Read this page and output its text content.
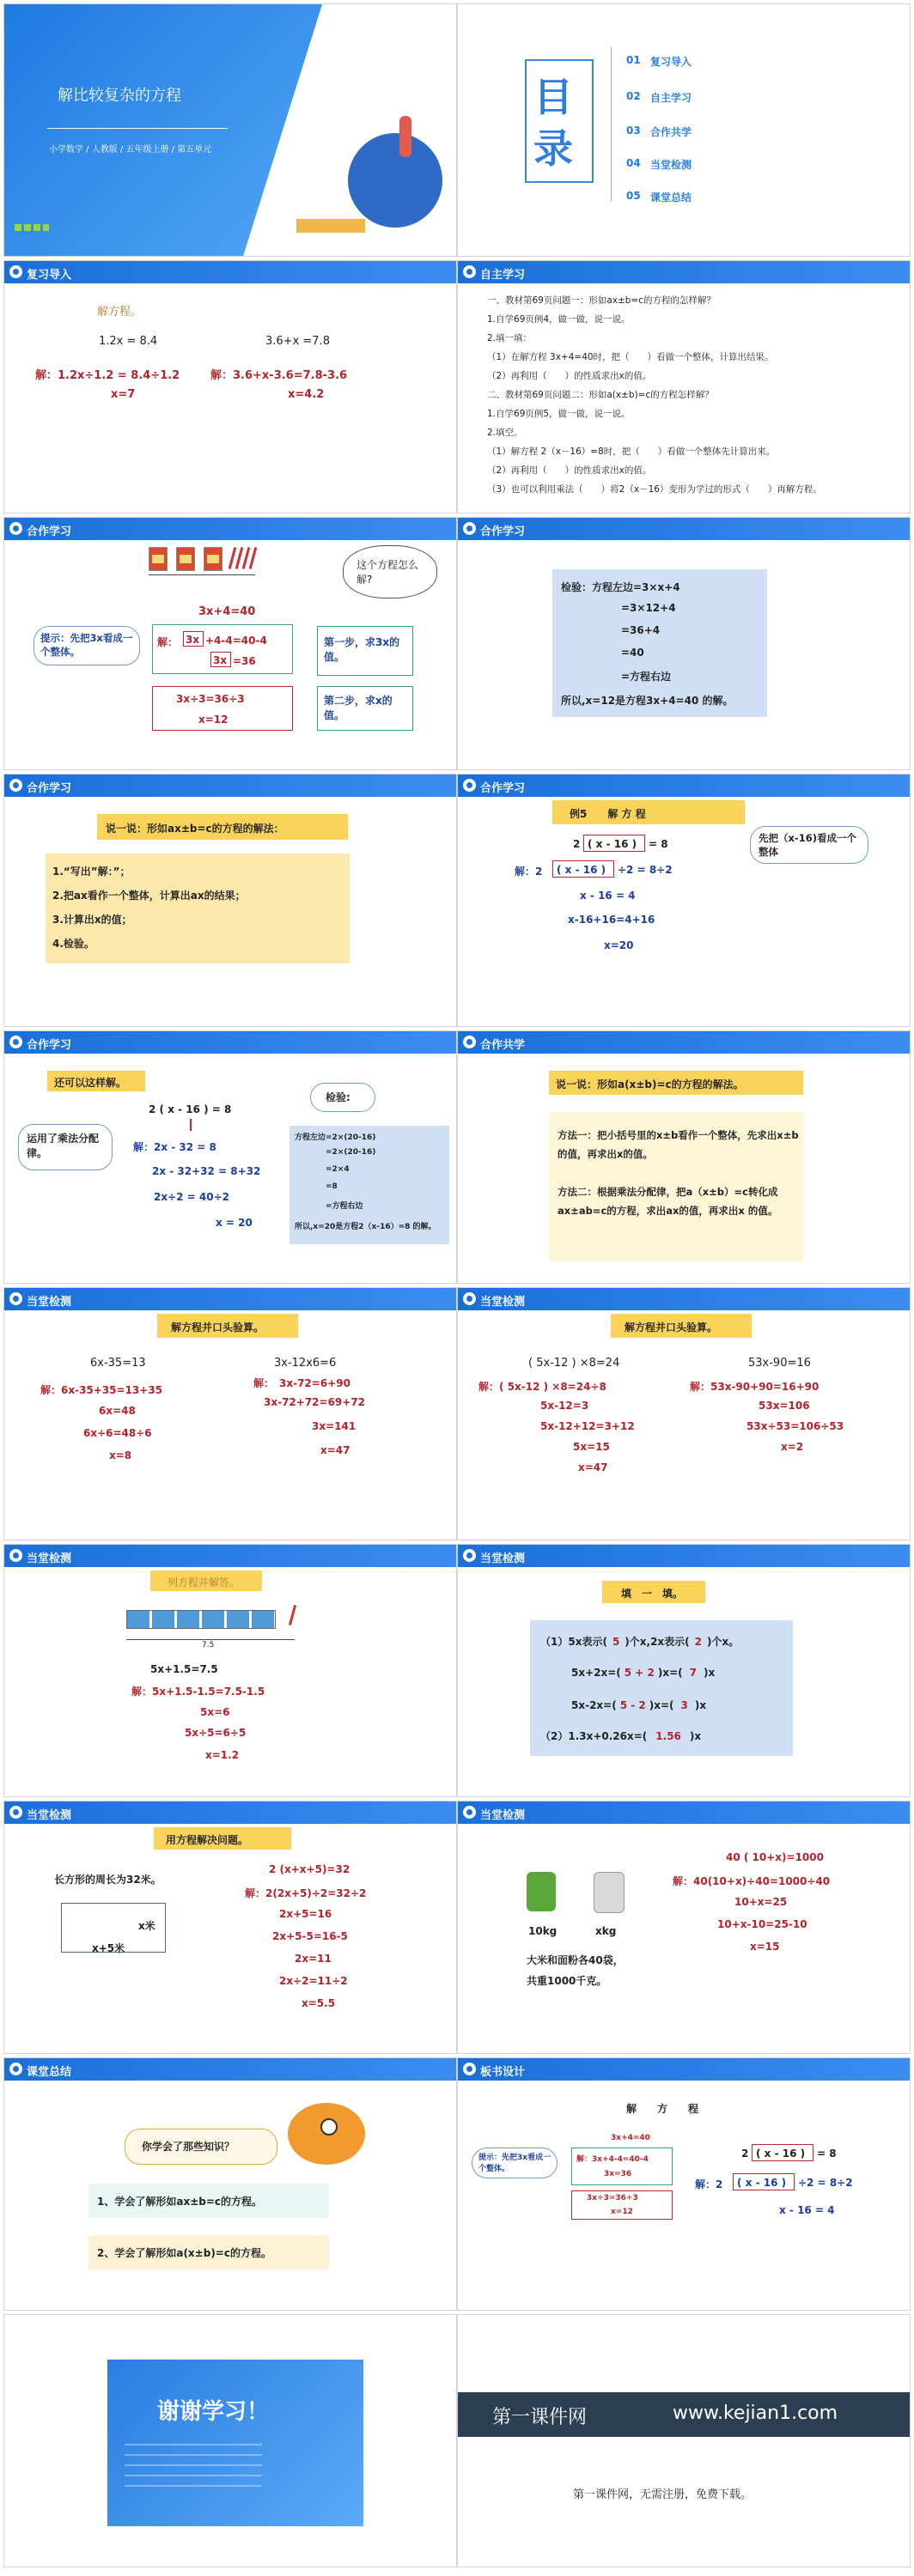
解比较复杂的方程
小学数学 / 人教版 / 五年级上册 / 第五单元
目
录
01 复习导入
02 自主学习
03 合作共学
04 当堂检测
05 课堂总结
复习导入
解方程。
1.2x = 8.4	3.6+x =7.8
解：1.2x÷1.2 = 8.4÷1.2
x=7
解：3.6+x-3.6=7.8-3.6
x=4.2
自主学习
一、教材第69页问题一：形如ax±b=c的方程的怎样解？
1.自学69页例4，做一做，说一说。
2.填一填：
（1）在解方程 3x+4=40时，把（　　）看做一个整体，计算出结果。
（2）再利用（　　）的性质求出x的值。
二、教材第69页问题二：形如a(x±b)=c的方程怎样解？
1.自学69页例5，做一做，说一说。
2.填空。
（1）解方程 2（x－16）=8时，把（　　）看做一个整体先计算出来。
（2）再利用（　　）的性质求出x的值。
（3）也可以利用乘法（　　）将2（x－16）变形为学过的形式（　　）再解方程。
合作学习
这个方程怎么解?
3x+4=40
提示：先把3x看成一个整体。
解： 3x +4-4=40-4
3x =36
第一步，求3x的值。
3x÷3=36÷3
x=12
第二步，求x的值。
合作学习
检验：方程左边=3×x+4
=3×12+4
=36+4
=40
=方程右边
所以,x=12是方程3x+4=40 的解。
合作学习
说一说：形如ax±b=c的方程的解法：
1.“写出”解：”；
2.把ax看作一个整体，计算出ax的结果；
3.计算出x的值；
4.检验。
合作学习
例5　　解 方 程
先把（x-16)看成一个整体
2 ( x - 16 ) = 8
解：2 ( x - 16 ) ÷2 = 8÷2
x - 16 = 4
x-16+16=4+16
x=20
合作学习
还可以这样解。
运用了乘法分配律。
2 ( x - 16 ) = 8
解：2x - 32 = 8
2x - 32+32 = 8+32
2x÷2 = 40÷2
x = 20
检验:
方程左边=2×(20-16)
=2×(20-16)
=2×4
=8
=方程右边
所以,x=20是方程2（x-16）=8 的解。
合作共学
说一说：形如a(x±b)=c的方程的解法。
方法一：把小括号里的x±b看作一个整体，先求出x±b的值，再求出x的值。
方法二：根据乘法分配律，把a（x±b）=c转化成ax±ab=c的方程，求出ax的值，再求出x 的值。
当堂检测
解方程并口头验算。
6x-35=13	3x-12x6=6
解：6x-35+35=13+35
6x=48
6x÷6=48÷6
x=8
解：　3x-72=6+90
3x-72+72=69+72
3x=141
x=47
当堂检测
解方程并口头验算。
( 5x-12 ) ×8=24	53x-90=16
解：( 5x-12 ) ×8=24÷8
5x-12=3
5x-12+12=3+12
5x=15
x=47
解：53x-90+90=16+90
53x=106
53x÷53=106÷53
x=2
当堂检测
列方程并解答。
7.5
5x+1.5=7.5
解：5x+1.5-1.5=7.5-1.5
5x=6
5x÷5=6÷5
x=1.2
当堂检测
填　一　填。
（1）5x表示( 5 )个x,2x表示( 2 )个x。
5x+2x=( 5 + 2 )x=( 7 )x
5x-2x=( 5 - 2 )x=( 3 )x
（2）1.3x+0.26x=( 1.56 )x
当堂检测
用方程解决问题。
长方形的周长为32米。
x米
x+5米
2 (x+x+5)=32
解：2(2x+5)÷2=32÷2
2x+5=16
2x+5-5=16-5
2x=11
2x÷2=11÷2
x=5.5
当堂检测
10kg	xkg
大米和面粉各40袋，
共重1000千克。
40 ( 10+x)=1000
解：40(10+x)÷40=1000÷40
10+x=25
10+x-10=25-10
x=15
课堂总结
你学会了那些知识？
1、学会了解形如ax±b=c的方程。
2、学会了解形如a(x±b)=c的方程。
板书设计
解　　方　　程
3x+4=40
提示：先把3x看成一个整体。
解：3x+4-4=40-4
3x=36
3x÷3=36÷3
x=12
2 ( x - 16 ) = 8
解：2 ( x - 16 ) ÷2 = 8÷2
x - 16 = 4
谢谢学习！	第一课件网	www.kejian1.com
第一课件网，无需注册，免费下载。
